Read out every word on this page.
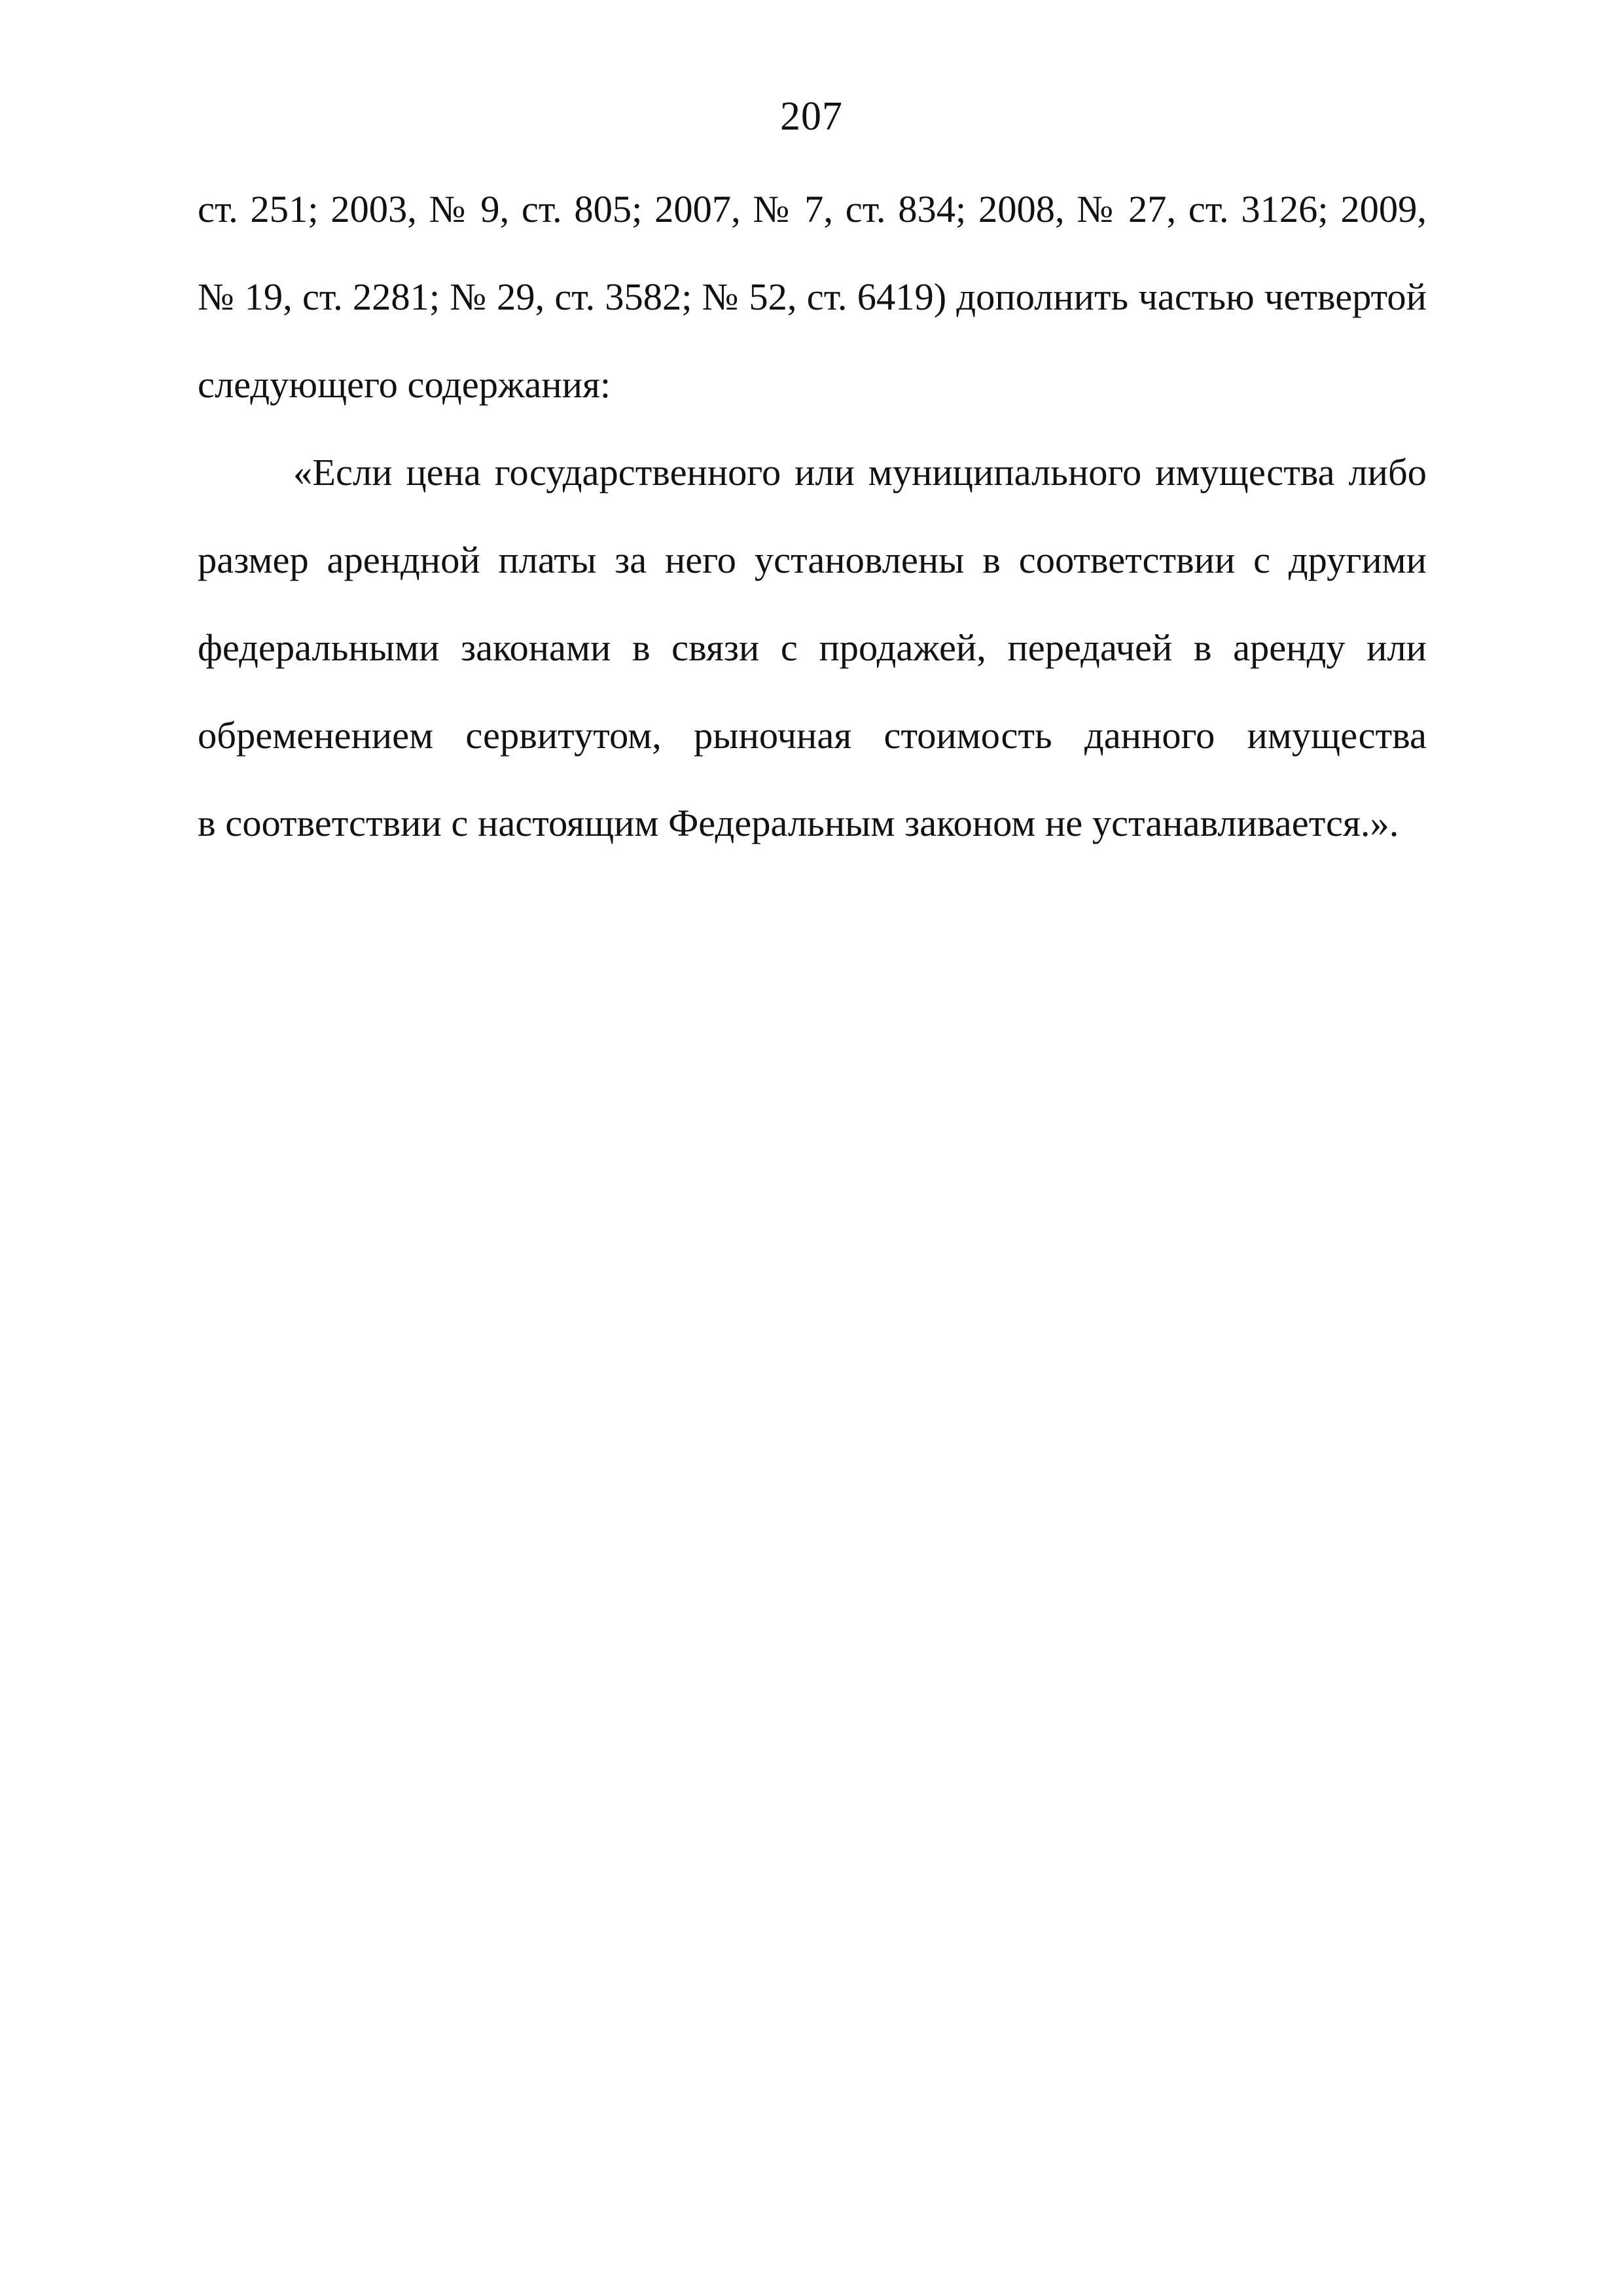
207
ст. 251; 2003, № 9, ст. 805; 2007, № 7, ст. 834; 2008, № 27, ст. 3126; 2009,
№ 19, ст. 2281; № 29, ст. 3582; № 52, ст. 6419) дополнить частью четвертой
следующего содержания:
«Если цена государственного или муниципального имущества либо
размер арендной платы за него установлены в соответствии с другими
федеральными законами в связи с продажей, передачей в аренду или
обременением сервитутом, рыночная стоимость данного имущества
в соответствии с настоящим Федеральным законом не устанавливается.».
